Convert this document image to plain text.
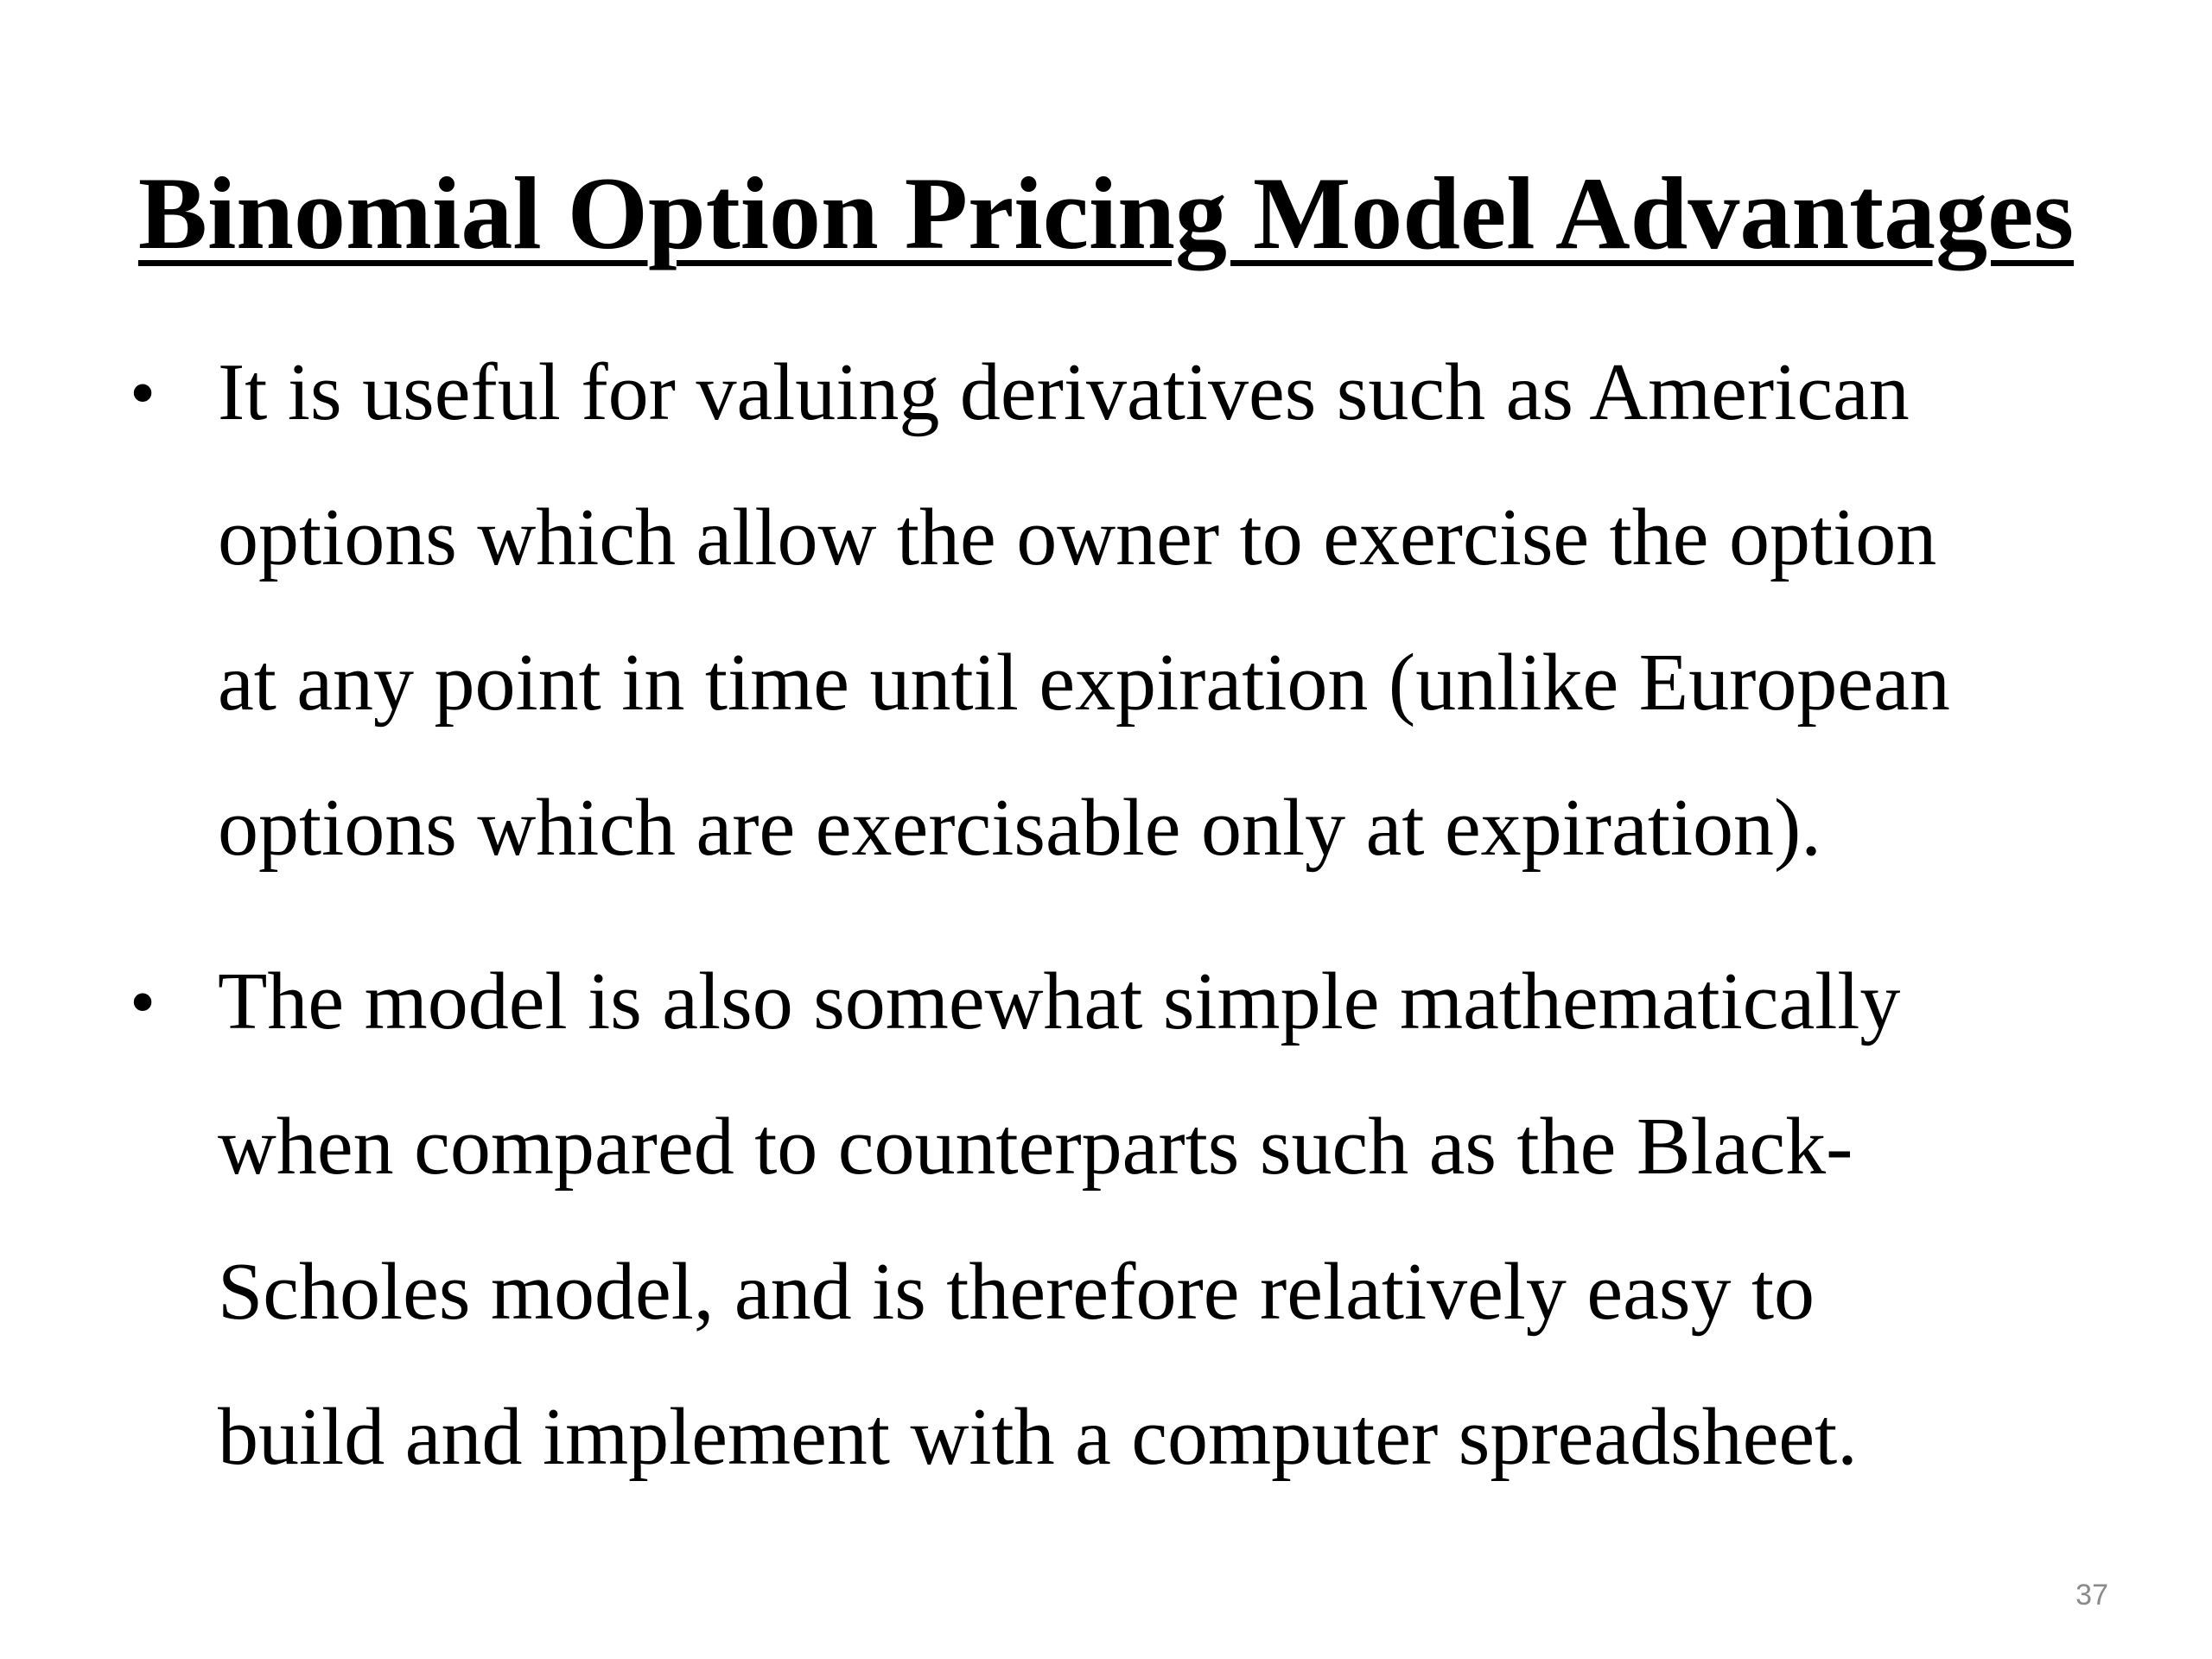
Binomial Option Pricing Model Advantages
• It is useful for valuing derivatives such as American
options which allow the owner to exercise the option
at any point in time until expiration (unlike European
options which are exercisable only at expiration).
• The model is also somewhat simple mathematically
when compared to counterparts such as the Black-
Scholes model, and is therefore relatively easy to
build and implement with a computer spreadsheet.
37
